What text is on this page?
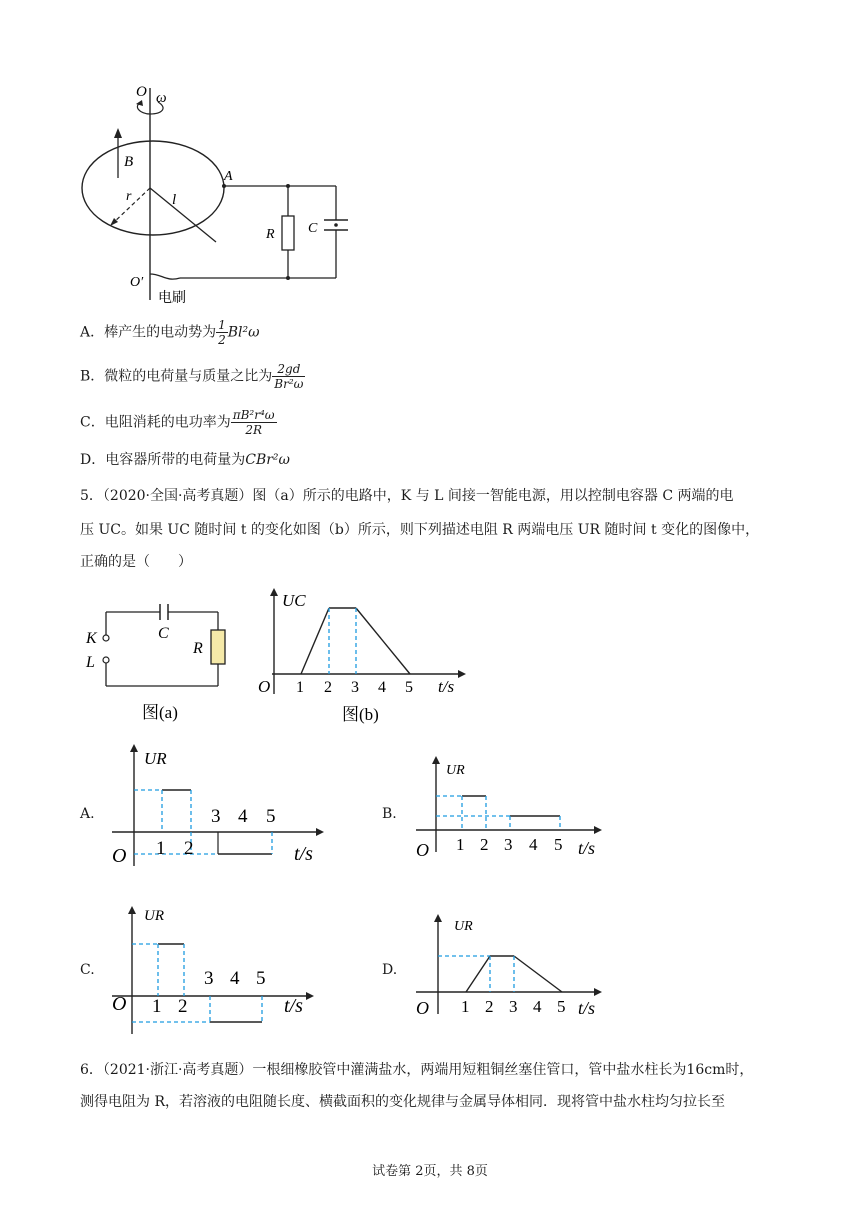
O ω
B
l
r
A
R C
O′
电刷
A．棒产生的电动势为 $\frac{1}{2} Bl^2\omega$
B．微粒的电荷量与质量之比为 $\frac{2gd}{\text{Br²ω}}$
C．电阻消耗的电功率为 $\frac{\text{πB²r⁴ω}}{2R}$
D．电容器所带的电荷量为CBr²ω
5．（2020·全国·高考真题）图（a）所示的电路中，K 与 L 间接一智能电源，用以控制电容器 C 两端的电
压 UC。如果 UC 随时间 t 的变化如图（b）所示，则下列描述电阻 R 两端电压 UR 随时间 t 变化的图像中，
正确的是（　　）
K
L
C
R
图(a)
UC
O 1 2 3 4 5 t/s
图(b)
A.
UR
O 1 2
3 4 5
t/s
B.
UR
O 1 2 3 4 5 t/s
C.
UR
O 1 2
3 4 5
t/s
D.
UR
O 1 2 3 4 5 t/s
6．（2021·浙江·高考真题）一根细橡胶管中灌满盐水，两端用短粗铜丝塞住管口，管中盐水柱长为16cm时，
测得电阻为 R，若溶液的电阻随长度、横截面积的变化规律与金属导体相同．现将管中盐水柱均匀拉长至
试卷第 2页，共 8页
